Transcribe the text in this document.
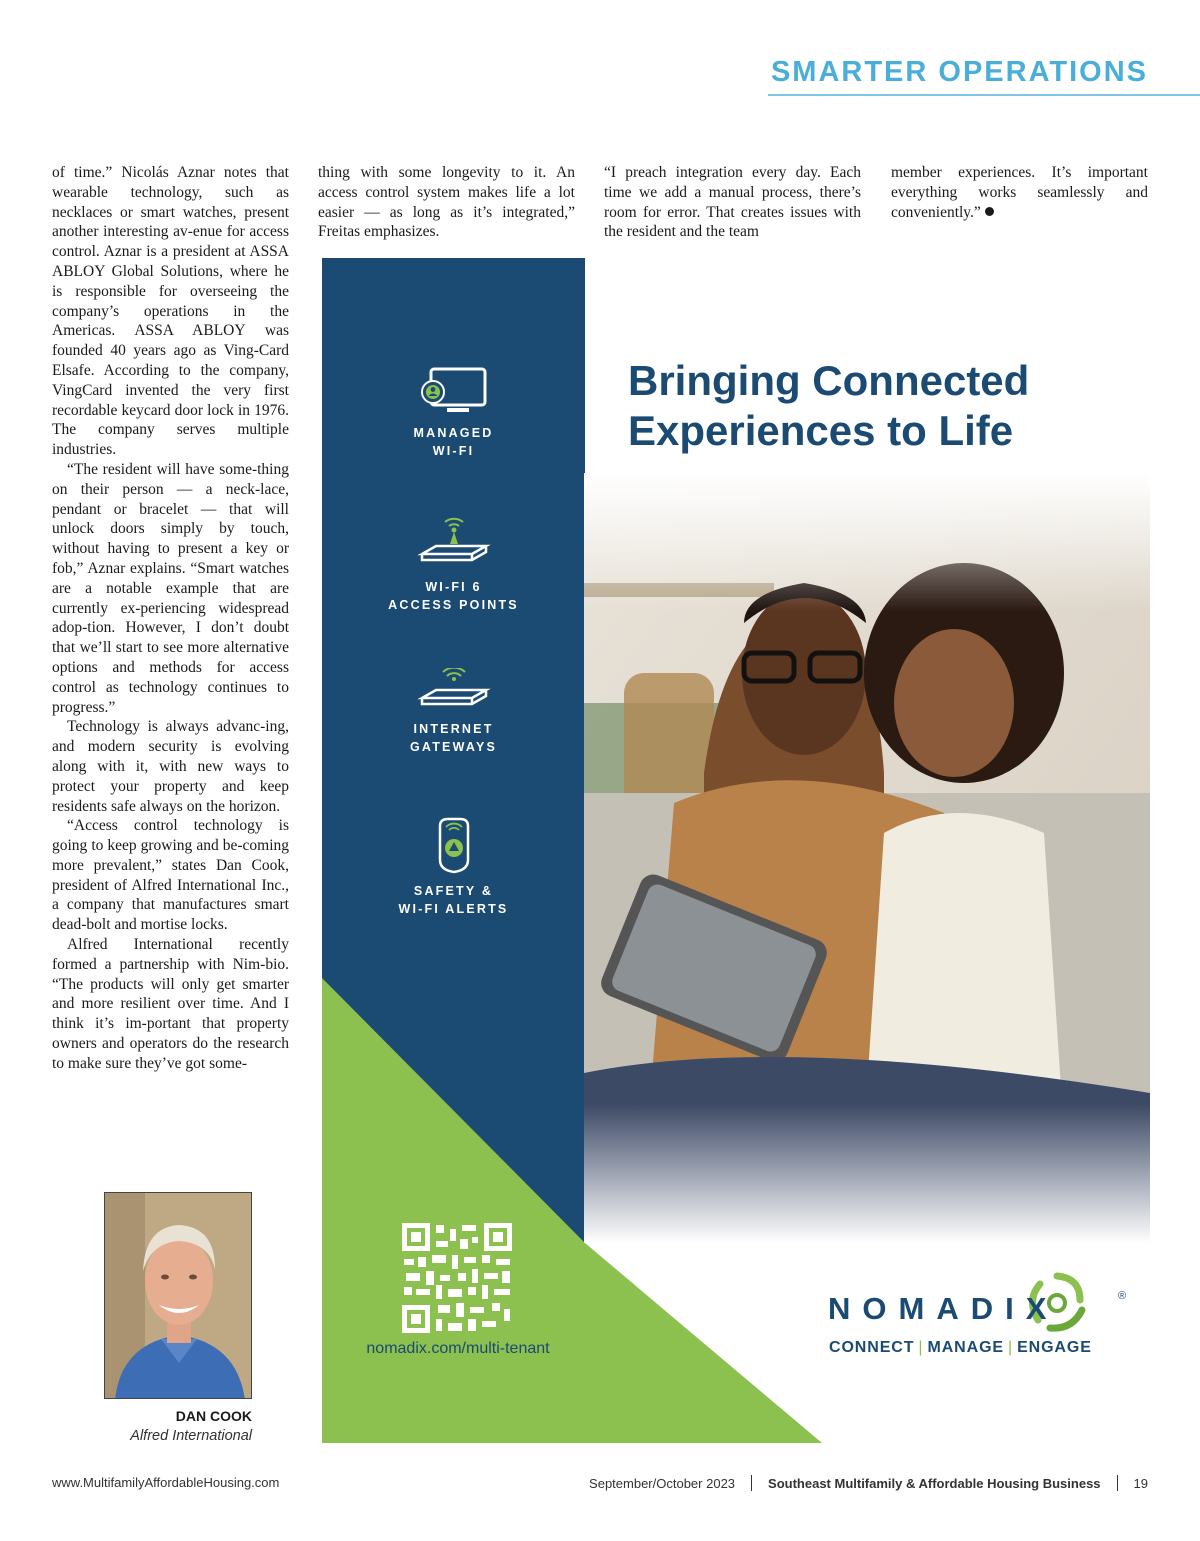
SMARTER OPERATIONS

of time.” Nicolás Aznar notes that wearable technology, such as necklaces or smart watches, present another interesting av-enue for access control. Aznar is a president at ASSA ABLOY Global Solutions, where he is responsible for overseeing the company’s operations in the Americas. ASSA ABLOY was founded 40 years ago as Ving-Card Elsafe. According to the company, VingCard invented the very first recordable keycard door lock in 1976. The company serves multiple industries.

“The resident will have some-thing on their person — a neck-lace, pendant or bracelet — that will unlock doors simply by touch, without having to present a key or fob,” Aznar explains. “Smart watches are a notable example that are currently ex-periencing widespread adop-tion. However, I don’t doubt that we’ll start to see more alternative options and methods for access control as technology continues to progress.”

Technology is always advanc-ing, and modern security is evolving along with it, with new ways to protect your property and keep residents safe always on the horizon.

“Access control technology is going to keep growing and be-coming more prevalent,” states Dan Cook, president of Alfred International Inc., a company that manufactures smart dead-bolt and mortise locks.

Alfred International recently formed a partnership with Nim-bio. “The products will only get smarter and more resilient over time. And I think it’s im-portant that property owners and operators do the research to make sure they’ve got some-

thing with some longevity to it. An access control system makes life a lot easier — as long as it’s integrated,” Freitas emphasizes.

“I preach integration every day. Each time we add a manual process, there’s room for error. That creates issues with the resident and the team

member experiences. It’s important everything works seamlessly and conveniently.”

DAN COOK
Alfred International
Bringing Connected
Experiences to Life
MANAGED
WI-FI
WI-FI 6
ACCESS POINTS
INTERNET
GATEWAYS
SAFETY &
WI-FI ALERTS
nomadix.com/multi-tenant
NOMADIX	®
CONNECT | MANAGE | ENGAGE
www.MultifamilyAffordableHousing.com	September/October 2023	Southeast Multifamily & Affordable Housing Business	19
